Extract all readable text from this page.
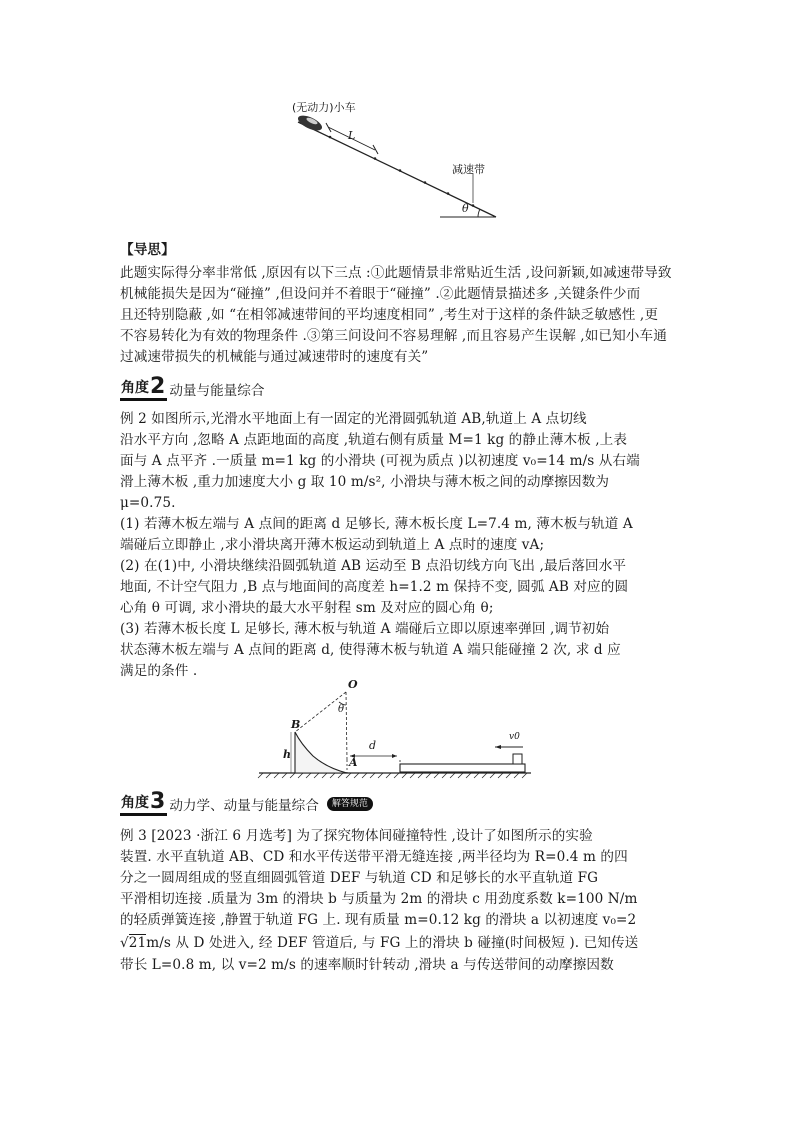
(无动力)小车
L
减速带
θ
【导思】
此题实际得分率非常低 ,原因有以下三点 :①此题情景非常贴近生活 ,设问新颖,如减速带导致
机械能损失是因为“碰撞” ,但设问并不着眼于“碰撞” .②此题情景描述多 ,关键条件少而
且还特别隐蔽 ,如 “在相邻减速带间的平均速度相同” ,考生对于这样的条件缺乏敏感性 ,更
不容易转化为有效的物理条件 .③第三问设问不容易理解 ,而且容易产生误解 ,如已知小车通
过减速带损失的机械能与通过减速带时的速度有关”
角度 2 动量与能量综合
例 2 如图所示,光滑水平地面上有一固定的光滑圆弧轨道 AB,轨道上 A 点切线
沿水平方向 ,忽略 A 点距地面的高度 ,轨道右侧有质量 M=1 kg 的静止薄木板 ,上表
面与 A 点平齐 .一质量 m=1 kg 的小滑块 (可视为质点 )以初速度 v₀=14 m/s 从右端
滑上薄木板 ,重力加速度大小 g 取 10 m/s², 小滑块与薄木板之间的动摩擦因数为
μ=0.75.
(1) 若薄木板左端与 A 点间的距离 d 足够长, 薄木板长度 L=7.4 m, 薄木板与轨道 A
端碰后立即静止 ,求小滑块离开薄木板运动到轨道上 A 点时的速度 vA;
(2) 在(1)中, 小滑块继续沿圆弧轨道 AB 运动至 B 点沿切线方向飞出 ,最后落回水平
地面, 不计空气阻力 ,B 点与地面间的高度差 h=1.2 m 保持不变, 圆弧 AB 对应的圆
心角 θ 可调, 求小滑块的最大水平射程 sm 及对应的圆心角 θ;
(3) 若薄木板长度 L 足够长, 薄木板与轨道 A 端碰后立即以原速率弹回 ,调节初始
状态薄木板左端与 A 点间的距离 d, 使得薄木板与轨道 A 端只能碰撞 2 次, 求 d 应
满足的条件 .
O
θ
B
h
A
d
v0
角度 3 动力学、动量与能量综合	解答规范
例 3 [2023 ·浙江 6 月选考] 为了探究物体间碰撞特性 ,设计了如图所示的实验
装置. 水平直轨道 AB、CD 和水平传送带平滑无缝连接 ,两半径均为 R=0.4 m 的四
分之一圆周组成的竖直细圆弧管道 DEF 与轨道 CD 和足够长的水平直轨道 FG
平滑相切连接 .质量为 3m 的滑块 b 与质量为 2m 的滑块 c 用劲度系数 k=100 N/m
的轻质弹簧连接 ,静置于轨道 FG 上. 现有质量 m=0.12 kg 的滑块 a 以初速度 v₀=2
√21m/s 从 D 处进入, 经 DEF 管道后, 与 FG 上的滑块 b 碰撞(时间极短 ). 已知传送
带长 L=0.8 m, 以 v=2 m/s 的速率顺时针转动 ,滑块 a 与传送带间的动摩擦因数
